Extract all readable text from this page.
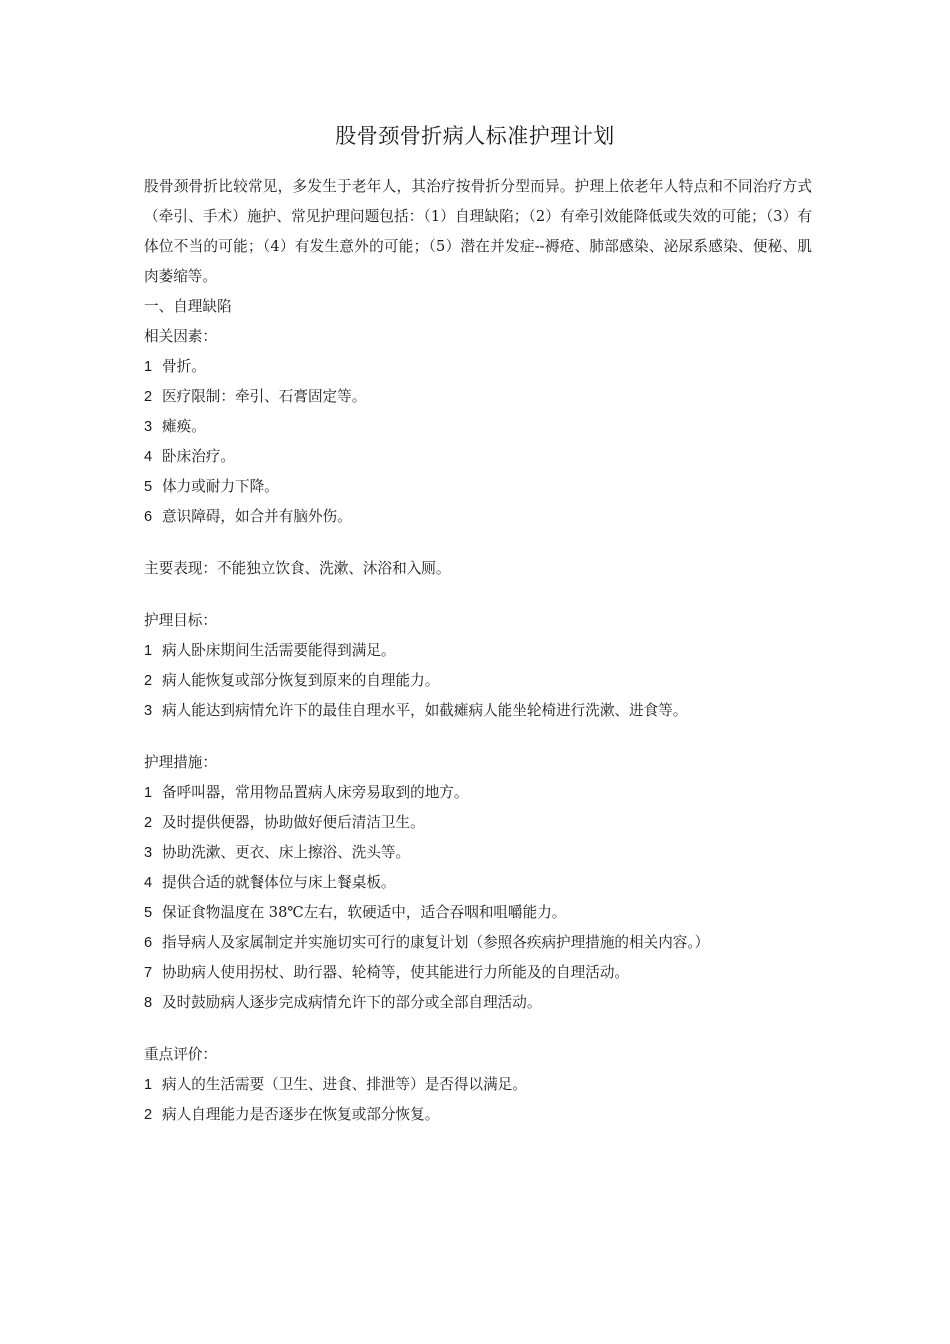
股骨颈骨折病人标准护理计划

股骨颈骨折比较常见，多发生于老年人，其治疗按骨折分型而异。护理上依老年人特点和不同治疗方式（牵引、手术）施护、常见护理问题包括：（1）自理缺陷；（2）有牵引效能降低或失效的可能；（3）有体位不当的可能；（4）有发生意外的可能；（5）潜在并发症--褥疮、肺部感染、泌尿系感染、便秘、肌肉萎缩等。

一、自理缺陷

相关因素：

1 骨折。

2 医疗限制：牵引、石膏固定等。

3 瘫痪。

4 卧床治疗。

5 体力或耐力下降。

6 意识障碍，如合并有脑外伤。

主要表现：不能独立饮食、洗漱、沐浴和入厕。

护理目标：

1 病人卧床期间生活需要能得到满足。

2 病人能恢复或部分恢复到原来的自理能力。

3 病人能达到病情允许下的最佳自理水平，如截瘫病人能坐轮椅进行洗漱、进食等。

护理措施：

1 备呼叫器，常用物品置病人床旁易取到的地方。

2 及时提供便器，协助做好便后清洁卫生。

3 协助洗漱、更衣、床上擦浴、洗头等。

4 提供合适的就餐体位与床上餐桌板。

5 保证食物温度在 38℃左右，软硬适中，适合吞咽和咀嚼能力。

6 指导病人及家属制定并实施切实可行的康复计划（参照各疾病护理措施的相关内容。）

7 协助病人使用拐杖、助行器、轮椅等，使其能进行力所能及的自理活动。

8 及时鼓励病人逐步完成病情允许下的部分或全部自理活动。

重点评价：

1 病人的生活需要（卫生、进食、排泄等）是否得以满足。

2 病人自理能力是否逐步在恢复或部分恢复。
